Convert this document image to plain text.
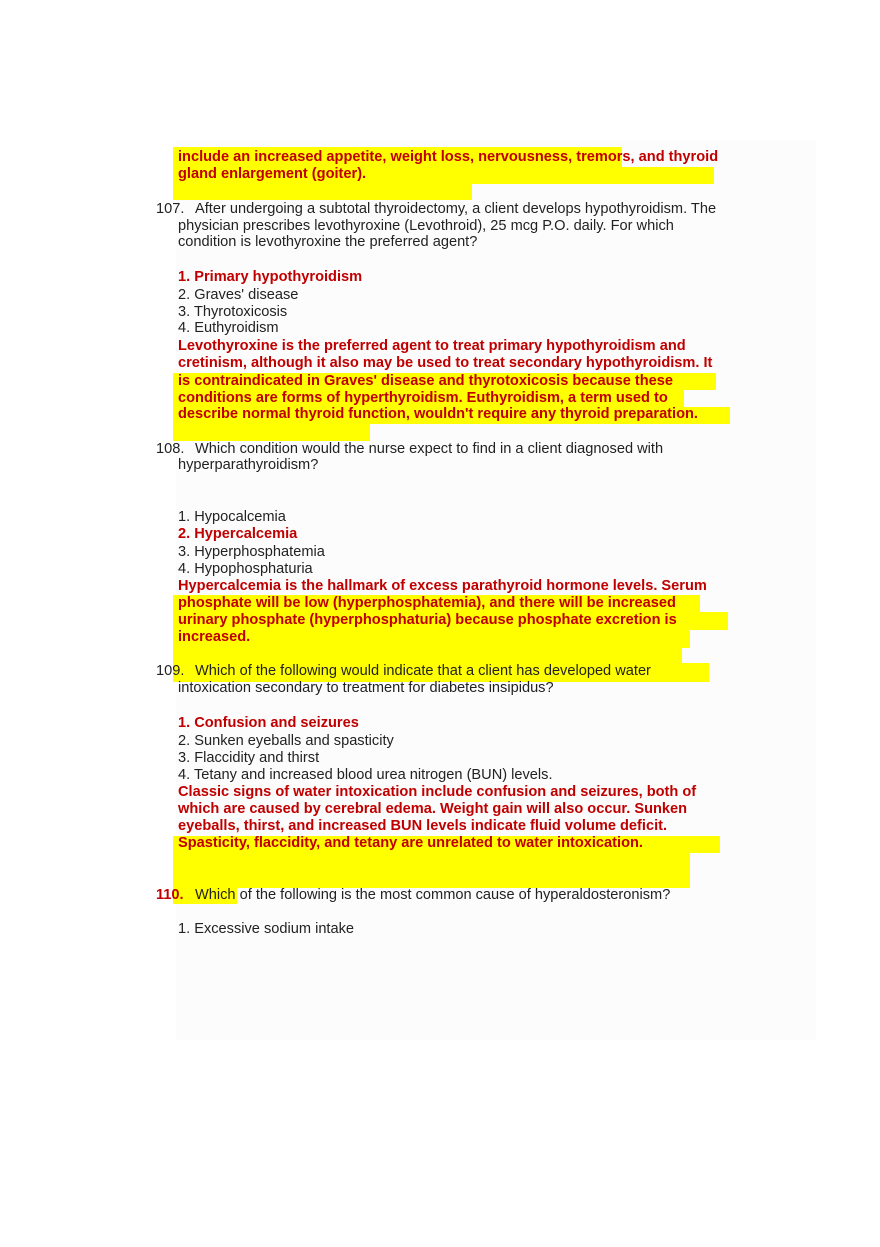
include an increased appetite, weight loss, nervousness, tremors, and thyroid
gland enlargement (goiter).
107. After undergoing a subtotal thyroidectomy, a client develops hypothyroidism. The
physician prescribes levothyroxine (Levothroid), 25 mcg P.O. daily. For which
condition is levothyroxine the preferred agent?
1. Primary hypothyroidism
2. Graves' disease
3. Thyrotoxicosis
4. Euthyroidism
Levothyroxine is the preferred agent to treat primary hypothyroidism and
cretinism, although it also may be used to treat secondary hypothyroidism. It
is contraindicated in Graves' disease and thyrotoxicosis because these
conditions are forms of hyperthyroidism. Euthyroidism, a term used to
describe normal thyroid function, wouldn't require any thyroid preparation.
108. Which condition would the nurse expect to find in a client diagnosed with
hyperparathyroidism?
1. Hypocalcemia
2. Hypercalcemia
3. Hyperphosphatemia
4. Hypophosphaturia
Hypercalcemia is the hallmark of excess parathyroid hormone levels. Serum
phosphate will be low (hyperphosphatemia), and there will be increased
urinary phosphate (hyperphosphaturia) because phosphate excretion is
increased.
109. Which of the following would indicate that a client has developed water
intoxication secondary to treatment for diabetes insipidus?
1. Confusion and seizures
2. Sunken eyeballs and spasticity
3. Flaccidity and thirst
4. Tetany and increased blood urea nitrogen (BUN) levels.
Classic signs of water intoxication include confusion and seizures, both of
which are caused by cerebral edema. Weight gain will also occur. Sunken
eyeballs, thirst, and increased BUN levels indicate fluid volume deficit.
Spasticity, flaccidity, and tetany are unrelated to water intoxication.
110. Which of the following is the most common cause of hyperaldosteronism?
1. Excessive sodium intake
